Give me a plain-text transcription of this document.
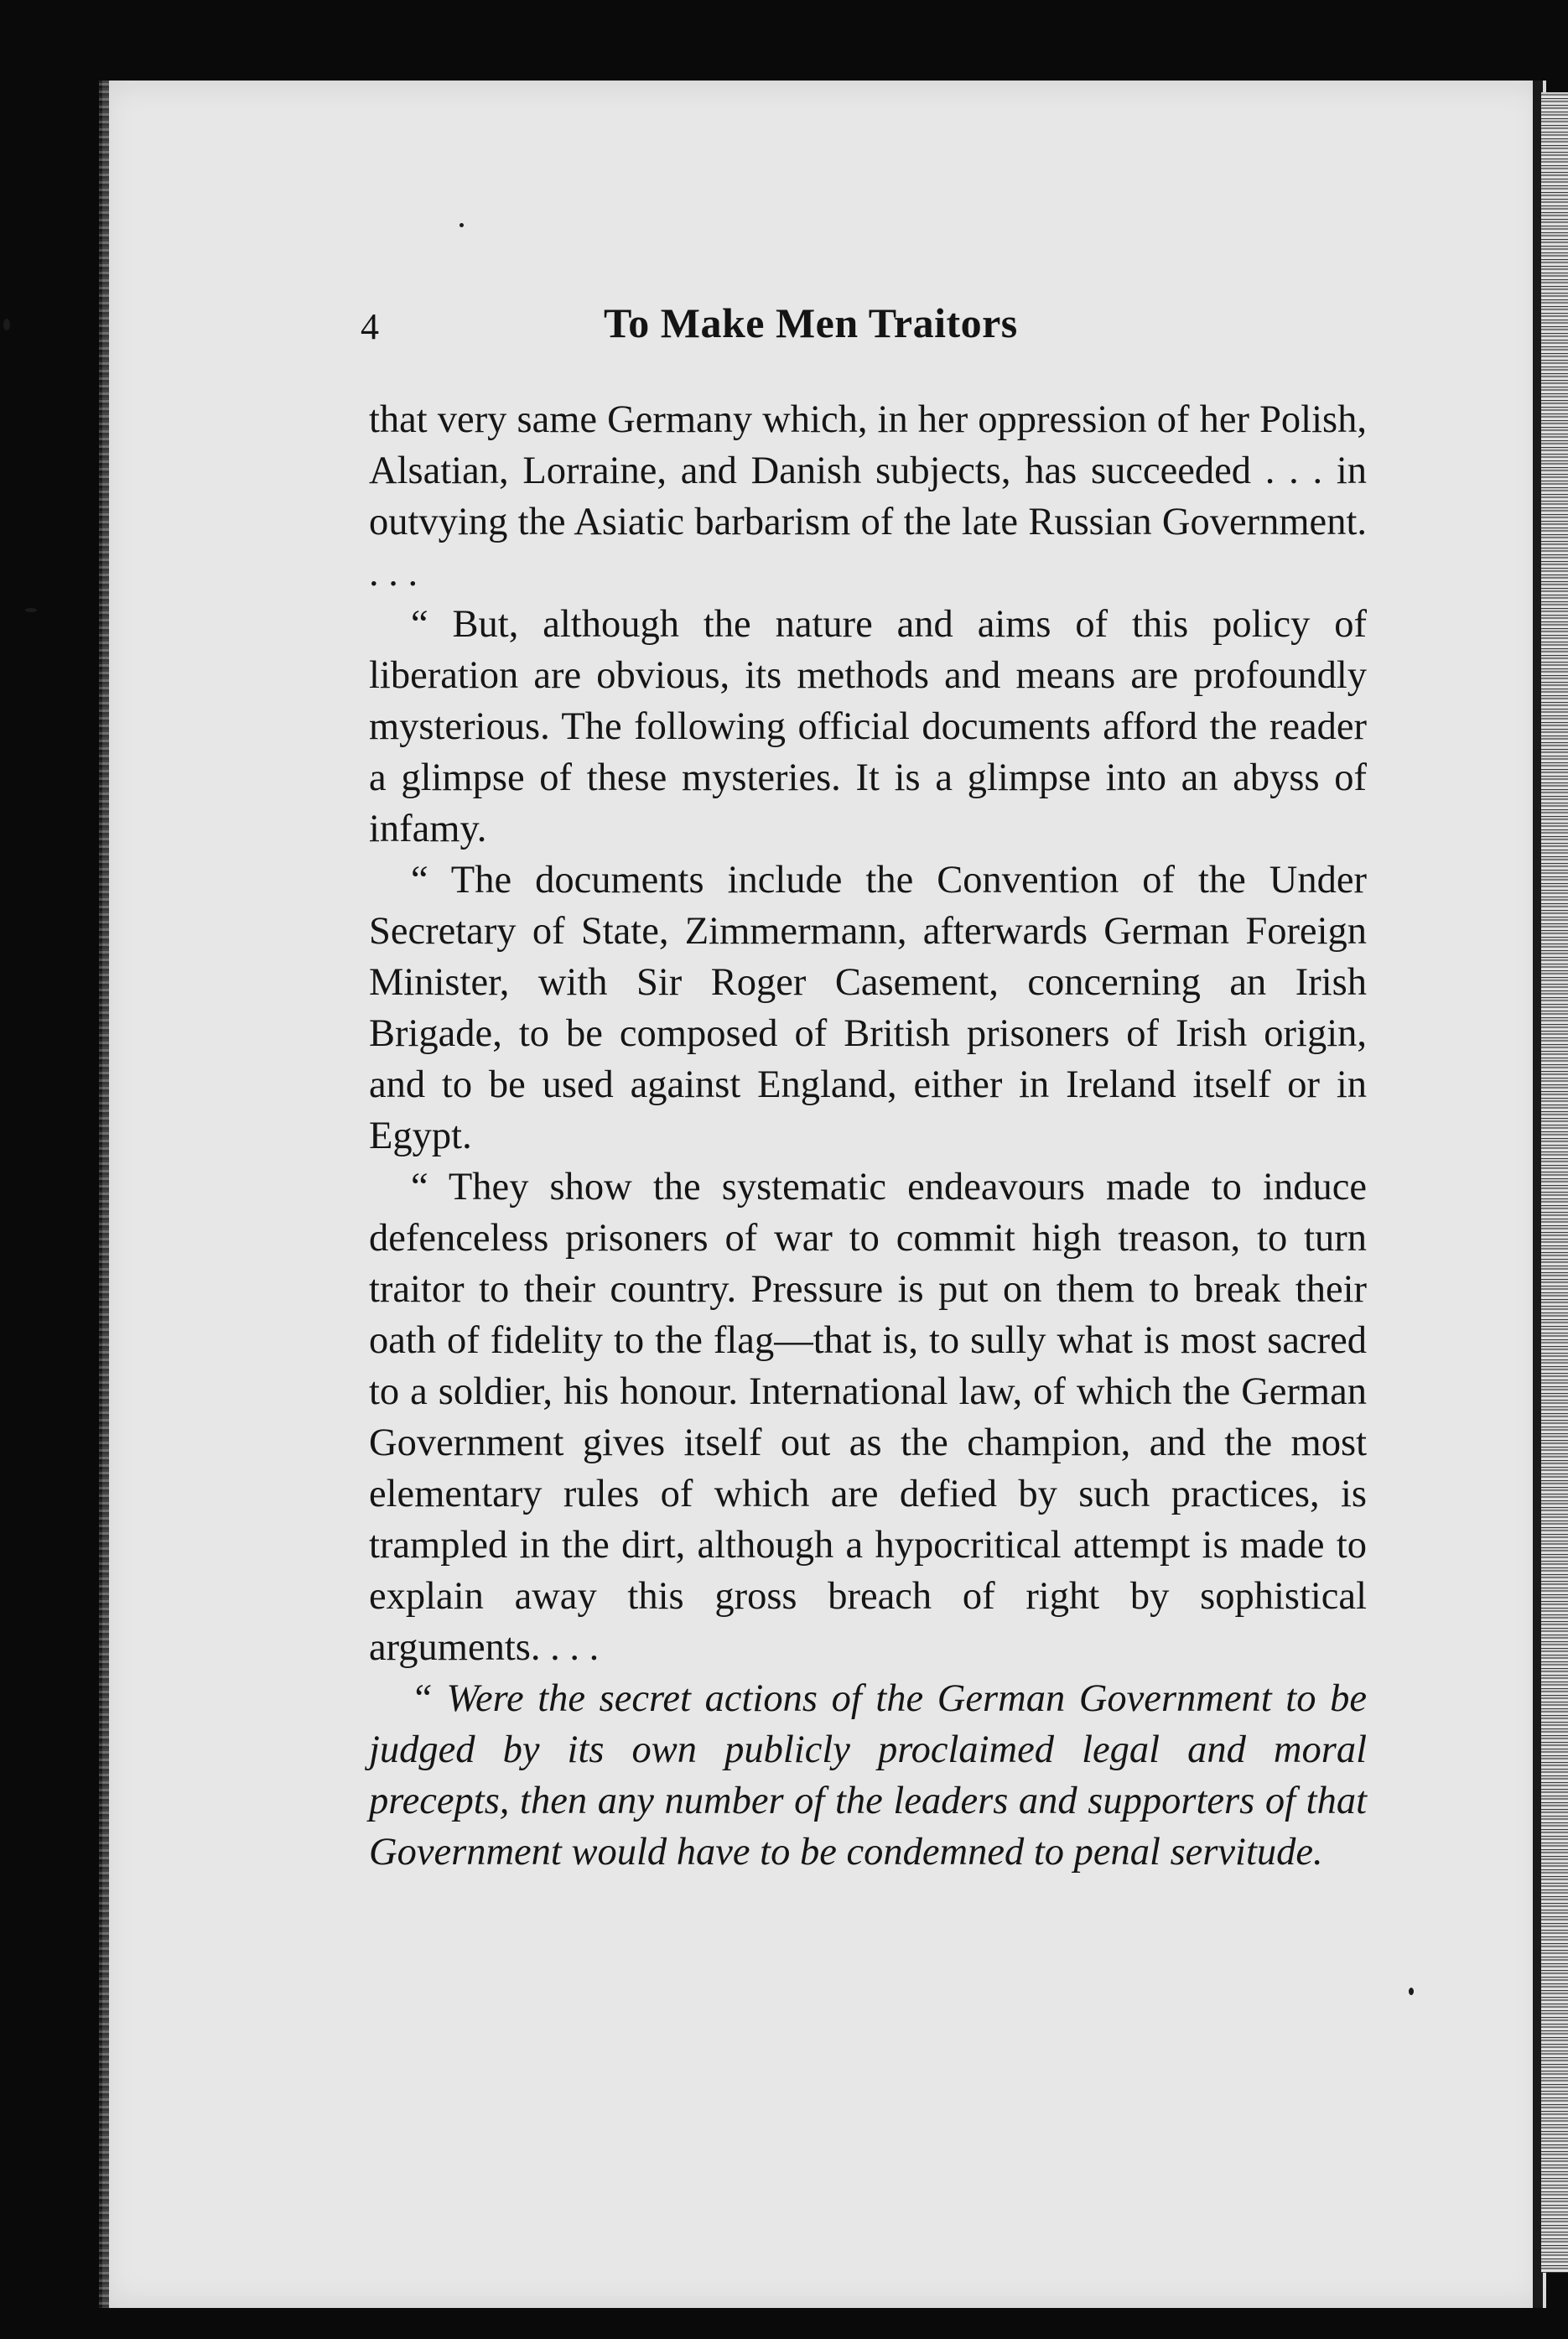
4	To Make Men Traitors

that very same Germany which, in her oppression of her Polish, Alsatian, Lorraine, and Danish subjects, has succeeded . . . in outvying the Asiatic barbarism of the late Russian Government. . . .

“ But, although the nature and aims of this policy of liberation are obvious, its methods and means are profoundly mysterious. The following official documents afford the reader a glimpse of these mysteries. It is a glimpse into an abyss of infamy.

“ The documents include the Convention of the Under Secretary of State, Zimmermann, afterwards German Foreign Minister, with Sir Roger Casement, concerning an Irish Brigade, to be composed of British prisoners of Irish origin, and to be used against England, either in Ireland itself or in Egypt.

“ They show the systematic endeavours made to induce defenceless prisoners of war to commit high treason, to turn traitor to their country. Pressure is put on them to break their oath of fidelity to the flag—that is, to sully what is most sacred to a soldier, his honour. International law, of which the German Government gives itself out as the champion, and the most elementary rules of which are defied by such practices, is trampled in the dirt, although a hypocritical attempt is made to explain away this gross breach of right by sophistical arguments. . . .

“ Were the secret actions of the German Government to be judged by its own publicly proclaimed legal and moral precepts, then any number of the leaders and supporters of that Government would have to be condemned to penal servitude.
